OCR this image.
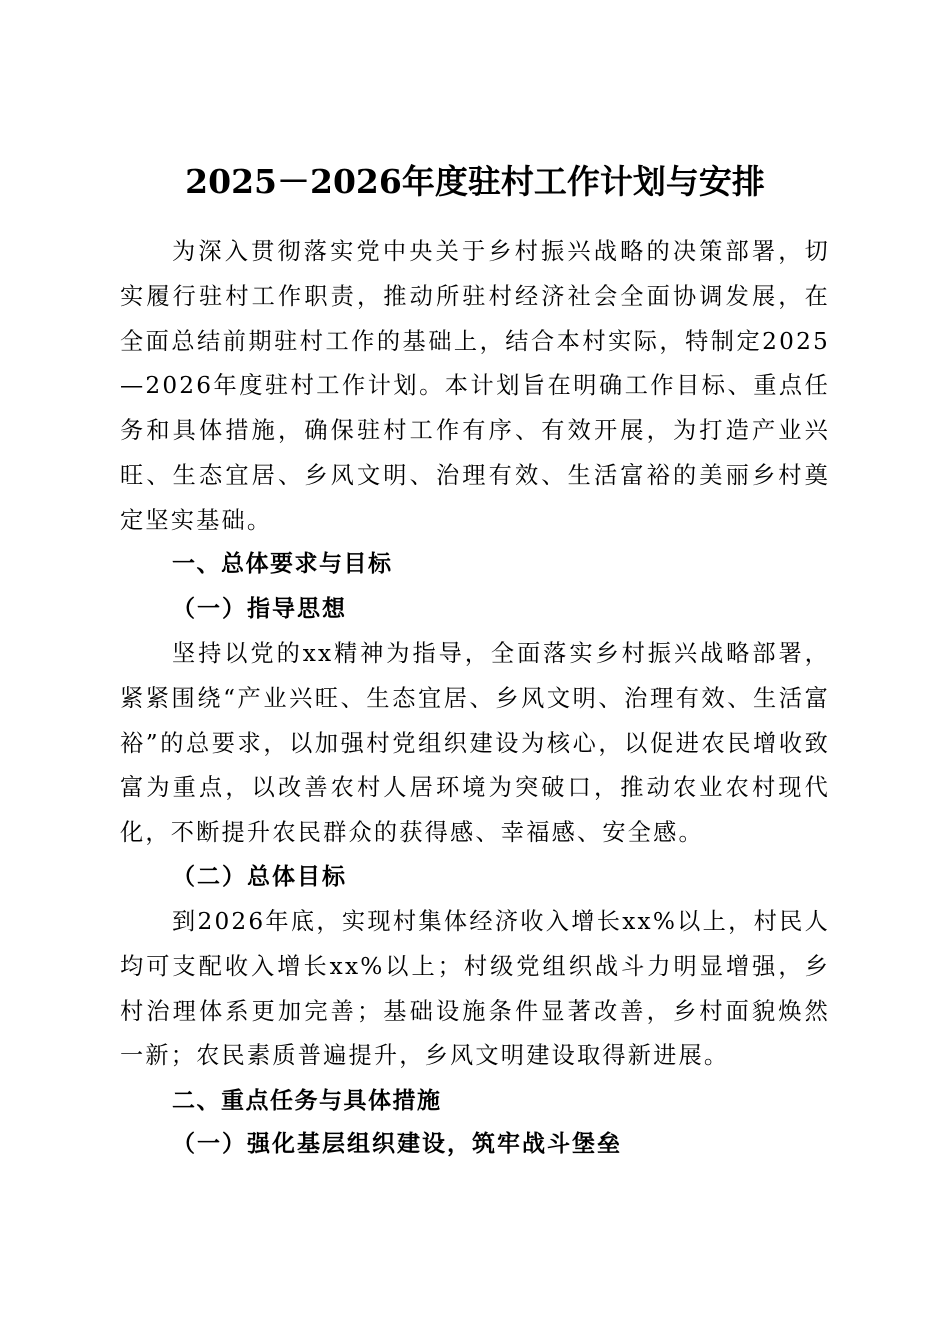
2025－2026年度驻村工作计划与安排

为深入贯彻落实党中央关于乡村振兴战略的决策部署，切实履行驻村工作职责，推动所驻村经济社会全面协调发展，在全面总结前期驻村工作的基础上，结合本村实际，特制定2025—2026年度驻村工作计划。本计划旨在明确工作目标、重点任务和具体措施，确保驻村工作有序、有效开展，为打造产业兴旺、生态宜居、乡风文明、治理有效、生活富裕的美丽乡村奠定坚实基础。

一、总体要求与目标
（一）指导思想

坚持以党的xx精神为指导，全面落实乡村振兴战略部署，紧紧围绕“产业兴旺、生态宜居、乡风文明、治理有效、生活富裕”的总要求，以加强村党组织建设为核心，以促进农民增收致富为重点，以改善农村人居环境为突破口，推动农业农村现代化，不断提升农民群众的获得感、幸福感、安全感。

（二）总体目标

到2026年底，实现村集体经济收入增长xx%以上，村民人均可支配收入增长xx%以上；村级党组织战斗力明显增强，乡村治理体系更加完善；基础设施条件显著改善，乡村面貌焕然一新；农民素质普遍提升，乡风文明建设取得新进展。

二、重点任务与具体措施
（一）强化基层组织建设，筑牢战斗堡垒
